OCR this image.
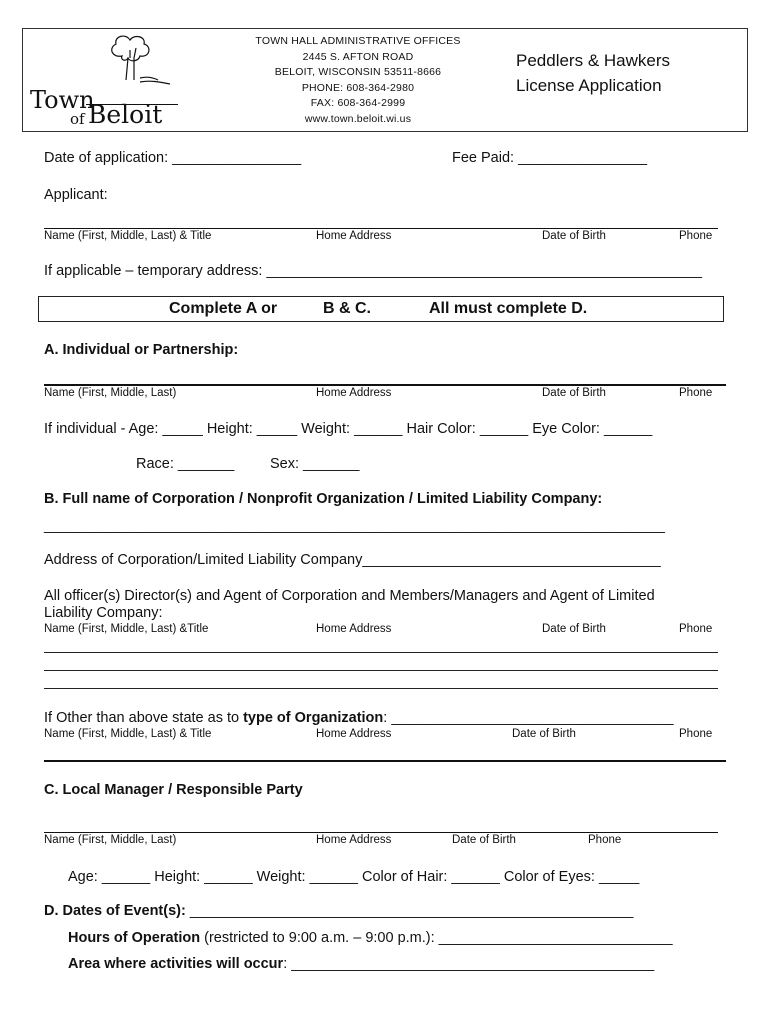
Town
of Beloit
TOWN HALL ADMINISTRATIVE OFFICES
2445 S. AFTON ROAD
BELOIT, WISCONSIN 53511-8666
PHONE: 608-364-2980
FAX: 608-364-2999
www.town.beloit.wi.us
Peddlers & Hawkers
License Application
Date of application: ________________	Fee Paid: ________________
Applicant:
Name (First, Middle, Last) & Title	Home Address	Date of Birth	Phone
If applicable – temporary address: ______________________________________________________
Complete A or	B & C.	All must complete D.
A. Individual or Partnership:
Name (First, Middle, Last)	Home Address	Date of Birth	Phone
If individual - Age: _____ Height: _____ Weight: ______ Hair Color: ______ Eye Color: ______
Race: _______ Sex: _______
B. Full name of Corporation / Nonprofit Organization / Limited Liability Company:
_____________________________________________________________________________
Address of Corporation/Limited Liability Company_____________________________________
All officer(s) Director(s) and Agent of Corporation and Members/Managers and Agent of Limited
Liability Company:
Name (First, Middle, Last) &Title	Home Address	Date of Birth	Phone
If Other than above state as to type of Organization: ___________________________________
Name (First, Middle, Last) & Title	Home Address	Date of Birth	Phone
C. Local Manager / Responsible Party
Name (First, Middle, Last)	Home Address	Date of Birth	Phone
Age: ______ Height: ______ Weight: ______ Color of Hair: ______ Color of Eyes: _____
D. Dates of Event(s): _______________________________________________________
Hours of Operation (restricted to 9:00 a.m. – 9:00 p.m.): _____________________________
Area where activities will occur: _____________________________________________
